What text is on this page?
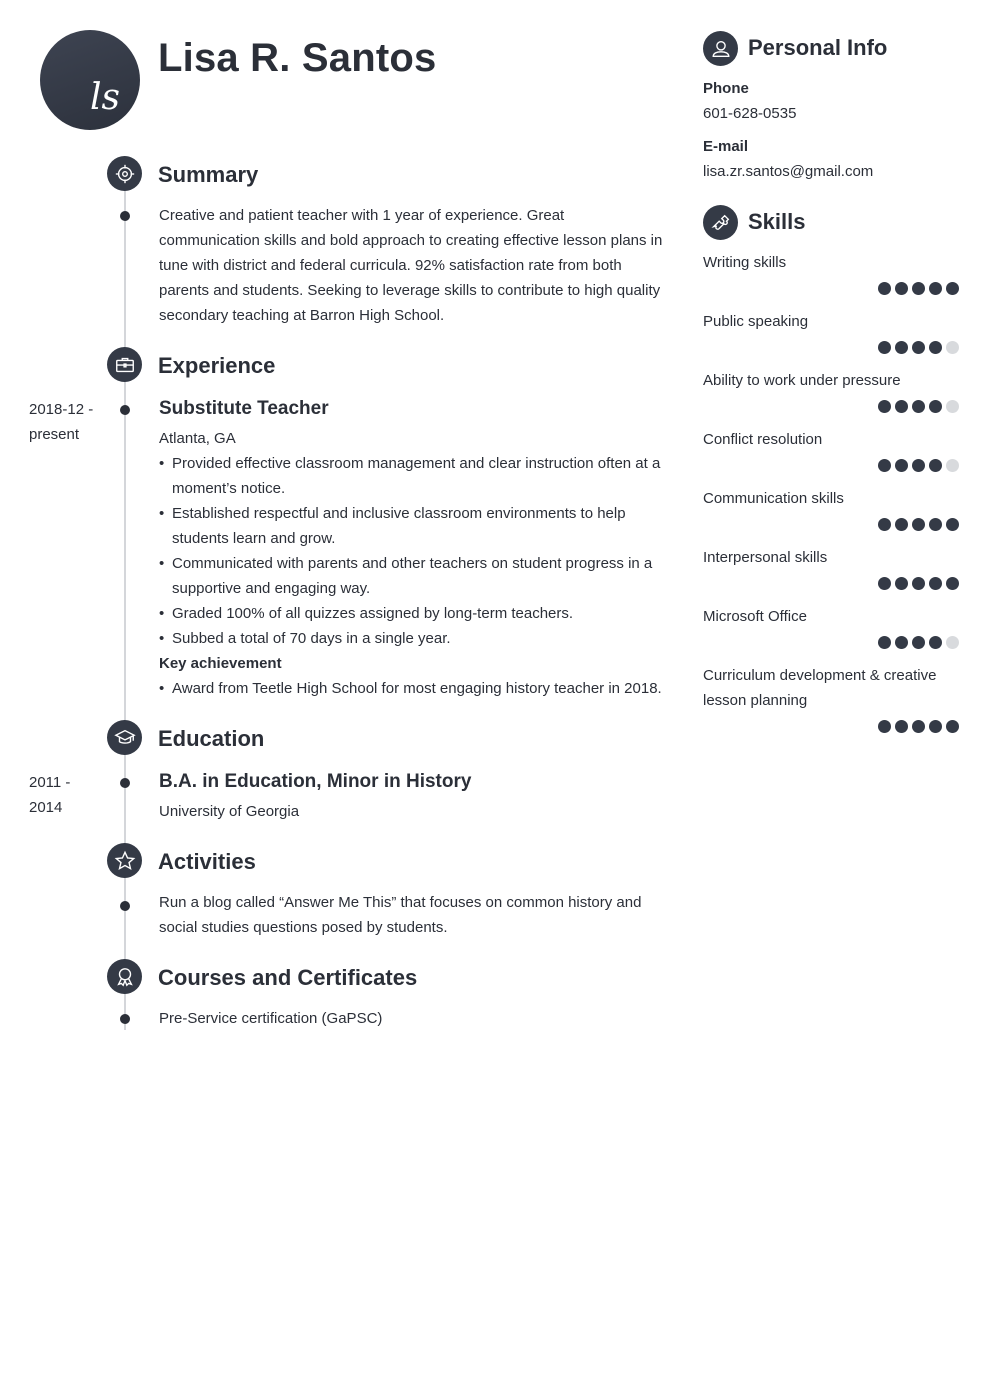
ls
Lisa R. Santos
Summary

Creative and patient teacher with 1 year of experience. Great communication skills and bold approach to creating effective lesson plans in tune with district and federal curricula. 92% satisfaction rate from both parents and students. Seeking to leverage skills to contribute to high quality secondary teaching at Barron High School.

Experience
2018-12 -
present
Substitute Teacher
Atlanta, GA
• Provided effective classroom management and clear instruction often at a moment’s notice.
• Established respectful and inclusive classroom environments to help students learn and grow.
• Communicated with parents and other teachers on student progress in a supportive and engaging way.
• Graded 100% of all quizzes assigned by long-term teachers.
• Subbed a total of 70 days in a single year.
Key achievement
• Award from Teetle High School for most engaging history teacher in 2018.
Education
2011 -
2014
B.A. in Education, Minor in History
University of Georgia
Activities

Run a blog called “Answer Me This” that focuses on common history and social studies questions posed by students.

Courses and Certificates

Pre-Service certification (GaPSC)

Personal Info
Phone
601-628-0535
E-mail
lisa.zr.santos@gmail.com
Skills
Writing skills
Public speaking
Ability to work under pressure
Conflict resolution
Communication skills
Interpersonal skills
Microsoft Office
Curriculum development & creative lesson planning
